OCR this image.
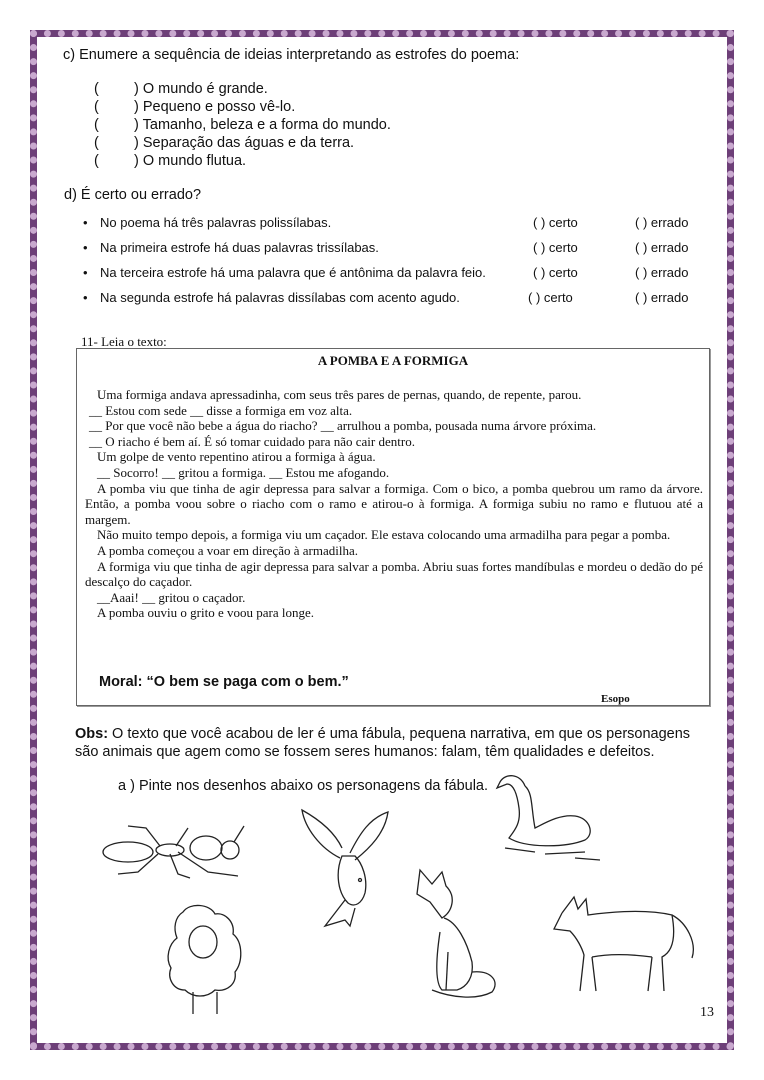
c) Enumere a sequência de ideias interpretando as estrofes do poema:
( ) O mundo é grande.
( ) Pequeno e posso vê-lo.
( ) Tamanho, beleza e a forma do mundo.
( ) Separação das águas e da terra.
( ) O mundo flutua.
d) É certo ou errado?
• No poema há três palavras polissílabas.	( ) certo	( ) errado
• Na primeira estrofe há duas palavras trissílabas.	( ) certo	( ) errado
• Na terceira estrofe há uma palavra que é antônima da palavra feio.	( ) certo	( ) errado
• Na segunda estrofe há palavras dissílabas com acento agudo.	( ) certo	( ) errado
11- Leia o texto:
A POMBA E A FORMIGA

Uma formiga andava apressadinha, com seus três pares de pernas, quando, de repente, parou.

__ Estou com sede __ disse a formiga em voz alta.

__ Por que você não bebe a água do riacho? __ arrulhou a pomba, pousada numa árvore próxima.

__ O riacho é bem aí. É só tomar cuidado para não cair dentro.

Um golpe de vento repentino atirou a formiga à água.

__ Socorro! __ gritou a formiga. __ Estou me afogando.

A pomba viu que tinha de agir depressa para salvar a formiga. Com o bico, a pomba quebrou um ramo da árvore. Então, a pomba voou sobre o riacho com o ramo e atirou-o à formiga. A formiga subiu no ramo e flutuou até a margem.

Não muito tempo depois, a formiga viu um caçador. Ele estava colocando uma armadilha para pegar a pomba.

A pomba começou a voar em direção à armadilha.

A formiga viu que tinha de agir depressa para salvar a pomba. Abriu suas fortes mandíbulas e mordeu o dedão do pé descalço do caçador.

__Aaai! __ gritou o caçador.

A pomba ouviu o grito e voou para longe.

Moral: “O bem se paga com o bem.”
Esopo
Obs: O texto que você acabou de ler é uma fábula, pequena narrativa, em que os personagens são animais que agem como se fossem seres humanos: falam, têm qualidades e defeitos.
a ) Pinte nos desenhos abaixo os personagens da fábula.
13
